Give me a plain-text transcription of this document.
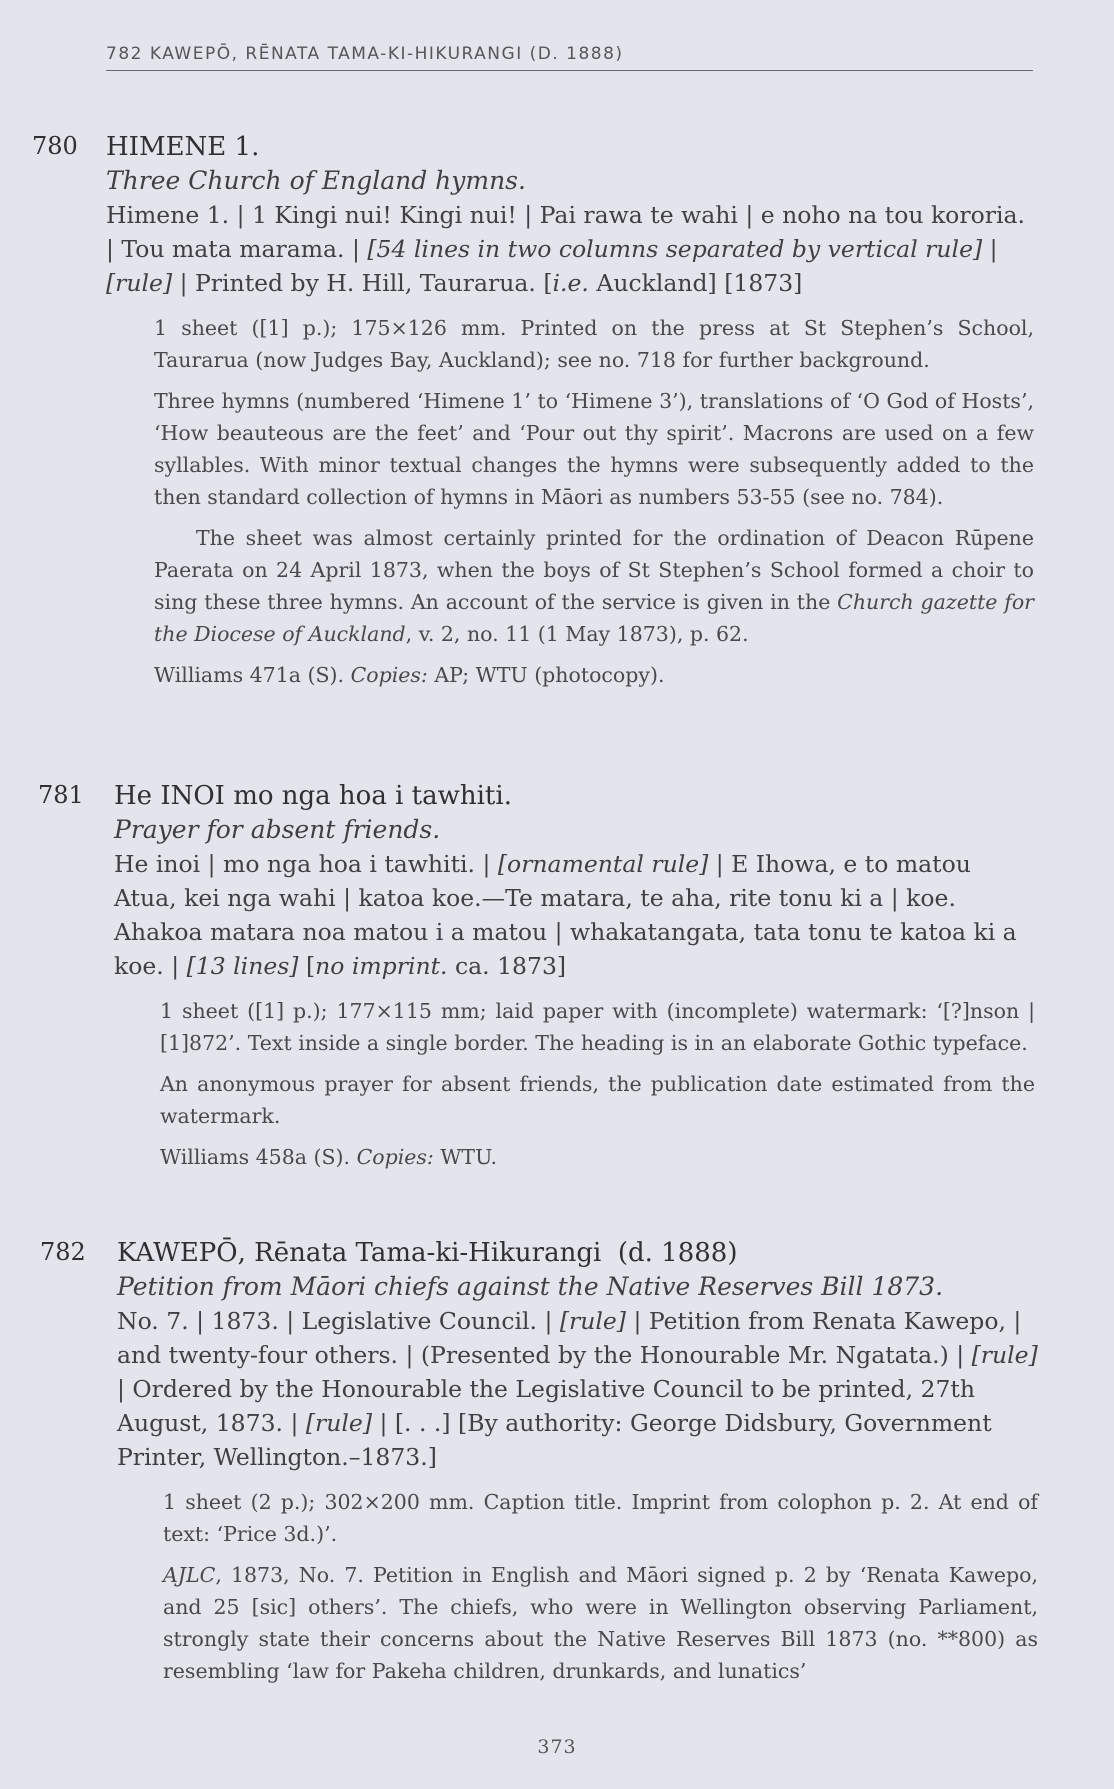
782 KAWEPŌ, RĒNATA TAMA-KI-HIKURANGI (D. 1888)
780 HIMENE 1.
Three Church of England hymns.
Himene 1. | 1 Kingi nui! Kingi nui! | Pai rawa te wahi | e noho na tou kororia. | Tou mata marama. | [54 lines in two columns separated by vertical rule] | [rule] | Printed by H. Hill, Taurarua. [i.e. Auckland] [1873]

1 sheet ([1] p.); 175×126 mm. Printed on the press at St Stephen’s School, Taurarua (now Judges Bay, Auckland); see no. 718 for further background.

Three hymns (numbered ‘Himene 1’ to ‘Himene 3’), translations of ‘O God of Hosts’, ‘How beauteous are the feet’ and ‘Pour out thy spirit’. Macrons are used on a few syllables. With minor textual changes the hymns were subsequently added to the then standard collection of hymns in Māori as numbers 53-55 (see no. 784).

The sheet was almost certainly printed for the ordination of Deacon Rūpene Paerata on 24 April 1873, when the boys of St Stephen’s School formed a choir to sing these three hymns. An account of the service is given in the Church gazette for the Diocese of Auckland, v. 2, no. 11 (1 May 1873), p. 62.

Williams 471a (S). Copies: AP; WTU (photocopy).

781 He INOI mo nga hoa i tawhiti.
Prayer for absent friends.
He inoi | mo nga hoa i tawhiti. | [ornamental rule] | E Ihowa, e to matou Atua, kei nga wahi | katoa koe.—Te matara, te aha, rite tonu ki a | koe. Ahakoa matara noa matou i a matou | whakatangata, tata tonu te katoa ki a koe. | [13 lines] [no imprint. ca. 1873]

1 sheet ([1] p.); 177×115 mm; laid paper with (incomplete) watermark: ‘[?]nson | [1]872’. Text inside a single border. The heading is in an elaborate Gothic typeface.

An anonymous prayer for absent friends, the publication date estimated from the watermark.

Williams 458a (S). Copies: WTU.

782 KAWEPŌ, Rēnata Tama-ki-Hikurangi (d. 1888)
Petition from Māori chiefs against the Native Reserves Bill 1873.
No. 7. | 1873. | Legislative Council. | [rule] | Petition from Renata Kawepo, | and twenty-four others. | (Presented by the Honourable Mr. Ngatata.) | [rule] | Ordered by the Honourable the Legislative Council to be printed, 27th August, 1873. | [rule] | [. . .] [By authority: George Didsbury, Government Printer, Wellington.–1873.]

1 sheet (2 p.); 302×200 mm. Caption title. Imprint from colophon p. 2. At end of text: ‘Price 3d.)’.

AJLC, 1873, No. 7. Petition in English and Māori signed p. 2 by ‘Renata Kawepo, and 25 [sic] others’. The chiefs, who were in Wellington observing Parliament, strongly state their concerns about the Native Reserves Bill 1873 (no. **800) as resembling ‘law for Pakeha children, drunkards, and lunatics’

373
